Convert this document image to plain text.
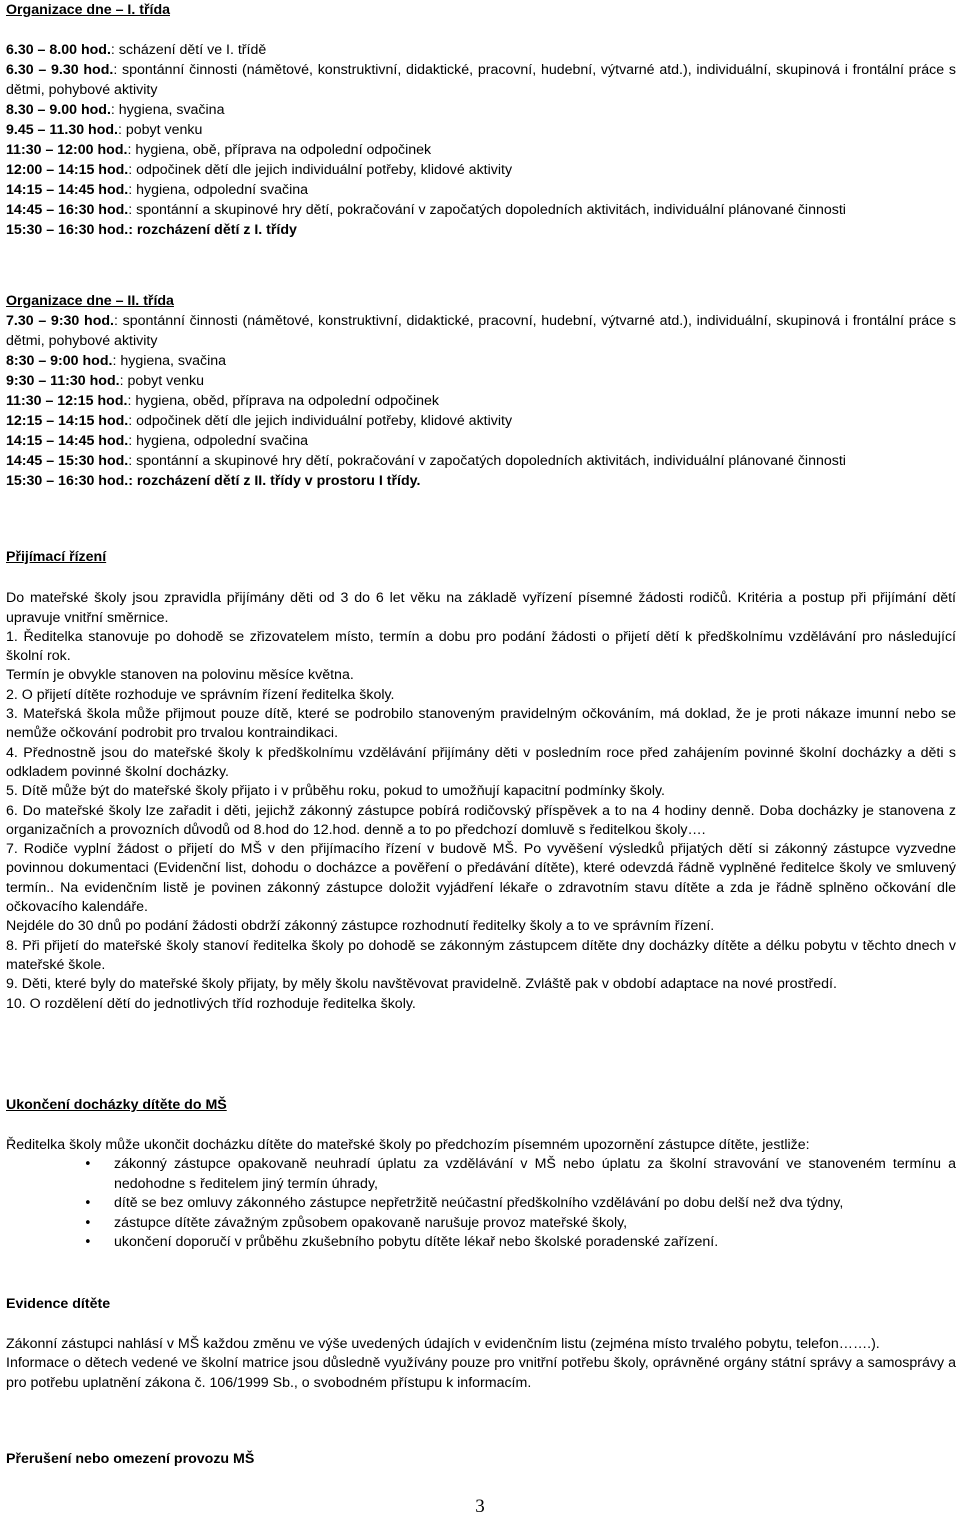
Organizace dne – I. třída
6.30 – 8.00 hod.: scházení dětí ve I. třídě
6.30 – 9.30 hod.: spontánní činnosti (námětové, konstruktivní, didaktické, pracovní, hudební, výtvarné atd.), individuální, skupinová i frontální práce s dětmi, pohybové aktivity
8.30 – 9.00 hod.: hygiena, svačina
9.45 – 11.30 hod.: pobyt venku
11:30 – 12:00 hod.: hygiena, obě, příprava na odpolední odpočinek
12:00 – 14:15 hod.: odpočinek dětí dle jejich individuální potřeby, klidové aktivity
14:15 – 14:45 hod.: hygiena, odpolední svačina
14:45 – 16:30 hod.: spontánní a skupinové hry dětí, pokračování v započatých dopoledních aktivitách, individuální plánované činnosti
15:30 – 16:30 hod.: rozcházení dětí z I. třídy
Organizace dne – II. třída
7.30 – 9:30 hod.: spontánní činnosti (námětové, konstruktivní, didaktické, pracovní, hudební, výtvarné atd.), individuální, skupinová i frontální práce s dětmi, pohybové aktivity
8:30 – 9:00 hod.: hygiena, svačina
9:30 – 11:30 hod.: pobyt venku
11:30 – 12:15 hod.: hygiena, oběd, příprava na odpolední odpočinek
12:15 – 14:15 hod.: odpočinek dětí dle jejich individuální potřeby, klidové aktivity
14:15 – 14:45 hod.: hygiena, odpolední svačina
14:45 – 15:30 hod.: spontánní a skupinové hry dětí, pokračování v započatých dopoledních aktivitách, individuální plánované činnosti
15:30 – 16:30 hod.: rozcházení dětí z II. třídy v prostoru I třídy.
Přijímací řízení
Do mateřské školy jsou zpravidla přijímány děti od 3 do 6 let věku na základě vyřízení písemné žádosti rodičů. Kritéria a postup při přijímání dětí upravuje vnitřní směrnice.
1. Ředitelka stanovuje po dohodě se zřizovatelem místo, termín a dobu pro podání žádosti o přijetí dětí k předškolnímu vzdělávání pro následující školní rok.
Termín je obvykle stanoven na polovinu měsíce května.
2. O přijetí dítěte rozhoduje ve správním řízení ředitelka školy.
3. Mateřská škola může přijmout pouze dítě, které se podrobilo stanoveným pravidelným očkováním, má doklad, že je proti nákaze imunní nebo se nemůže očkování podrobit pro trvalou kontraindikaci.
4. Přednostně jsou do mateřské školy k předškolnímu vzdělávání přijímány děti v posledním roce před zahájením povinné školní docházky a děti s odkladem povinné školní docházky.
5. Dítě může být do mateřské školy přijato i v průběhu roku, pokud to umožňují kapacitní podmínky školy.
6. Do mateřské školy lze zařadit i děti, jejichž zákonný zástupce pobírá rodičovský příspěvek a to na 4 hodiny denně. Doba docházky je stanovena z organizačních a provozních důvodů od 8.hod do 12.hod. denně a to po předchozí domluvě s ředitelkou školy….
7. Rodiče vyplní žádost o přijetí do MŠ v den přijímacího řízení v budově MŠ. Po vyvěšení výsledků přijatých dětí si zákonný zástupce vyzvedne povinnou dokumentaci (Evidenční list, dohodu o docházce a pověření o předávání dítěte), které odevzdá řádně vyplněné ředitelce školy ve smluvený termín.. Na evidenčním listě je povinen zákonný zástupce doložit vyjádření lékaře o zdravotním stavu dítěte a zda je řádně splněno očkování dle očkovacího kalendáře.
Nejdéle do 30 dnů po podání žádosti obdrží zákonný zástupce rozhodnutí ředitelky školy a to ve správním řízení.
8. Při přijetí do mateřské školy stanoví ředitelka školy po dohodě se zákonným zástupcem dítěte dny docházky dítěte a délku pobytu v těchto dnech v mateřské škole.
9. Děti, které byly do mateřské školy přijaty, by měly školu navštěvovat pravidelně. Zvláště pak v období adaptace na nové prostředí.
10. O rozdělení dětí do jednotlivých tříd rozhoduje ředitelka školy.
Ukončení docházky dítěte do MŠ
Ředitelka školy může ukončit docházku dítěte do mateřské školy po předchozím písemném upozornění zástupce dítěte, jestliže:
• zákonný zástupce opakovaně neuhradí úplatu za vzdělávání v MŠ nebo úplatu za školní stravování ve stanoveném termínu a nedohodne s ředitelem jiný termín úhrady,
• dítě se bez omluvy zákonného zástupce nepřetržitě neúčastní předškolního vzdělávání po dobu delší než dva týdny,
• zástupce dítěte závažným způsobem opakovaně narušuje provoz mateřské školy,
• ukončení doporučí v průběhu zkušebního pobytu dítěte lékař nebo školské poradenské zařízení.
Evidence dítěte
Zákonní zástupci nahlásí v MŠ každou změnu ve výše uvedených údajích v evidenčním listu (zejména místo trvalého pobytu, telefon…….).
Informace o dětech vedené ve školní matrice jsou důsledně využívány pouze pro vnitřní potřebu školy, oprávněné orgány státní správy a samosprávy a pro potřebu uplatnění zákona č. 106/1999 Sb., o svobodném přístupu k informacím.
Přerušení nebo omezení provozu MŠ
3
